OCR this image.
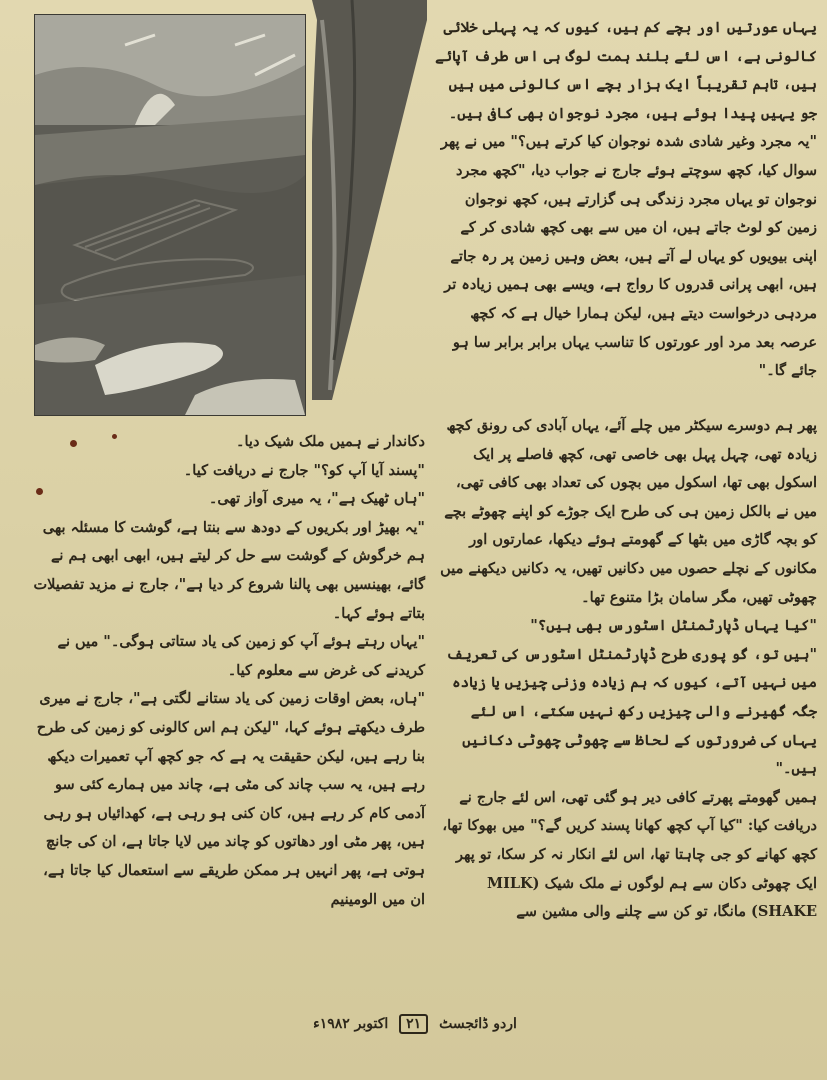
یہاں عورتیں اور بچے کم ہیں، کیوں کہ یہ پہلی خلائی کالونی ہے، اس لئے بلند ہمت لوگ ہی اس طرف آپائے ہیں، تاہم تقریباً ایک ہزار بچے اس کالونی میں ہیں جو یہیں پیدا ہوئے ہیں، مجرد نوجوان بھی کافی ہیں۔

"یہ مجرد وغیر شادی شدہ نوجوان کیا کرتے ہیں؟" میں نے پھر سوال کیا، کچھ سوچتے ہوئے جارج نے جواب دیا، "کچھ مجرد نوجوان تو یہاں مجرد زندگی ہی گزارتے ہیں، کچھ نوجوان زمین کو لوٹ جاتے ہیں، ان میں سے بھی کچھ شادی کر کے اپنی بیویوں کو یہاں لے آتے ہیں، بعض وہیں زمین پر رہ جاتے ہیں، ابھی پرانی قدروں کا رواج ہے، ویسے بھی ہمیں زیادہ تر مردہی درخواست دیتے ہیں، لیکن ہمارا خیال ہے کہ کچھ عرصہ بعد مرد اور عورتوں کا تناسب یہاں برابر برابر سا ہو جائے گا۔"

پھر ہم دوسرے سیکٹر میں چلے آئے، یہاں آبادی کی رونق کچھ زیادہ تھی، چہل پہل بھی خاصی تھی، کچھ فاصلے پر ایک اسکول بھی تھا، اسکول میں بچوں کی تعداد بھی کافی تھی، میں نے بالکل زمین ہی کی طرح ایک جوڑے کو اپنے چھوٹے بچے کو بچہ گاڑی میں بٹھا کے گھومتے ہوئے دیکھا، عمارتوں اور مکانوں کے نچلے حصوں میں دکانیں تھیں، یہ دکانیں دیکھنے میں چھوٹی تھیں، مگر سامان بڑا متنوع تھا۔

"کیا یہاں ڈپارٹمنٹل اسٹورس بھی ہیں؟"

"ہیں تو، گو پوری طرح ڈپارٹمنٹل اسٹورس کی تعریف میں نہیں آتے، کیوں کہ ہم زیادہ وزنی چیزیں یا زیادہ جگہ گھیرنے والی چیزیں رکھ نہیں سکتے، اس لئے یہاں کی ضرورتوں کے لحاظ سے چھوٹی چھوٹی دکانیں ہیں۔"

ہمیں گھومتے پھرتے کافی دیر ہو گئی تھی، اس لئے جارج نے دریافت کیا: "کیا آپ کچھ کھانا پسند کریں گے؟" میں بھوکا تھا، کچھ کھانے کو جی چاہتا تھا، اس لئے انکار نہ کر سکا، تو پھر ایک چھوٹی دکان سے ہم لوگوں نے ملک شیک (MILK SHAKE) مانگا، تو کن سے چلنے والی مشین سے

دکاندار نے ہمیں ملک شیک دیا۔

"پسند آیا آپ کو؟" جارج نے دریافت کیا۔

"ہاں ٹھیک ہے"، یہ میری آواز تھی۔

"یہ بھیڑ اور بکریوں کے دودھ سے بنتا ہے، گوشت کا مسئلہ بھی ہم خرگوش کے گوشت سے حل کر لیتے ہیں، ابھی ابھی ہم نے گائے، بھینسیں بھی پالنا شروع کر دیا ہے"، جارج نے مزید تفصیلات بتاتے ہوئے کہا۔

"یہاں رہتے ہوئے آپ کو زمین کی یاد ستاتی ہوگی۔" میں نے کریدنے کی غرض سے معلوم کیا۔

"ہاں، بعض اوقات زمین کی یاد ستانے لگتی ہے"، جارج نے میری طرف دیکھتے ہوئے کہا، "لیکن ہم اس کالونی کو زمین کی طرح بنا رہے ہیں، لیکن حقیقت یہ ہے کہ جو کچھ آپ تعمیرات دیکھ رہے ہیں، یہ سب چاند کی مٹی ہے، چاند میں ہمارے کئی سو آدمی کام کر رہے ہیں، کان کنی ہو رہی ہے، کھدائیاں ہو رہی ہیں، پھر مٹی اور دھاتوں کو چاند میں لایا جاتا ہے، ان کی جانچ ہوتی ہے، پھر انہیں ہر ممکن طریقے سے استعمال کیا جاتا ہے، ان میں الومینیم

اردو ڈائجسٹ ۲۱ اکتوبر ۱۹۸۲ء
